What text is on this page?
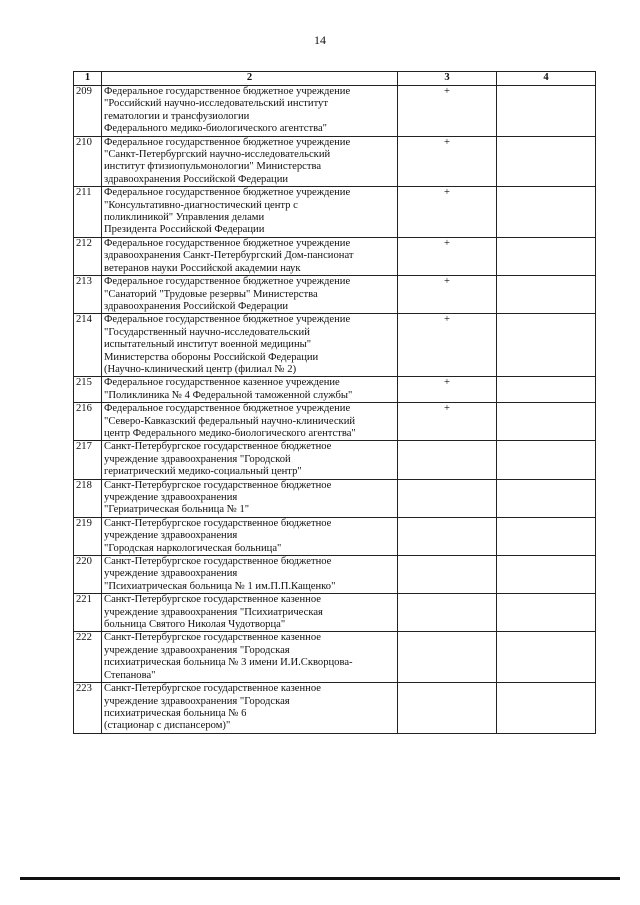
14
1	2	3	4
209	Федеральное государственное бюджетное учреждение
"Российский научно-исследовательский институт
гематологии и трансфузиологии
Федерального медико-биологического агентства"	+	
210	Федеральное государственное бюджетное учреждение
"Санкт-Петербургский научно-исследовательский
институт фтизиопульмонологии" Министерства
здравоохранения Российской Федерации	+	
211	Федеральное государственное бюджетное учреждение
"Консультативно-диагностический центр с
поликлиникой" Управления делами
Президента Российской Федерации	+	
212	Федеральное государственное бюджетное учреждение
здравоохранения Санкт-Петербургский Дом-пансионат
ветеранов науки Российской академии наук	+	
213	Федеральное государственное бюджетное учреждение
"Санаторий "Трудовые резервы" Министерства
здравоохранения Российской Федерации	+	
214	Федеральное государственное бюджетное учреждение
"Государственный научно-исследовательский
испытательный институт военной медицины"
Министерства обороны Российской Федерации
(Научно-клинический центр (филиал № 2)	+	
215	Федеральное государственное казенное учреждение
"Поликлиника № 4 Федеральной таможенной службы"	+	
216	Федеральное государственное бюджетное учреждение
"Северо-Кавказский федеральный научно-клинический
центр Федерального медико-биологического агентства"	+	
217	Санкт-Петербургское государственное бюджетное
учреждение здравоохранения "Городской
гериатрический медико-социальный центр"		
218	Санкт-Петербургское государственное бюджетное
учреждение здравоохранения
"Гериатрическая больница № 1"		
219	Санкт-Петербургское государственное бюджетное
учреждение здравоохранения
"Городская наркологическая больница"		
220	Санкт-Петербургское государственное бюджетное
учреждение здравоохранения
"Психиатрическая больница № 1 им.П.П.Кащенко"		
221	Санкт-Петербургское государственное казенное
учреждение здравоохранения "Психиатрическая
больница Святого Николая Чудотворца"		
222	Санкт-Петербургское государственное казенное
учреждение здравоохранения "Городская
психиатрическая больница № 3 имени И.И.Скворцова-
Степанова"		
223	Санкт-Петербургское государственное казенное
учреждение здравоохранения "Городская
психиатрическая больница № 6
(стационар с диспансером)"		
